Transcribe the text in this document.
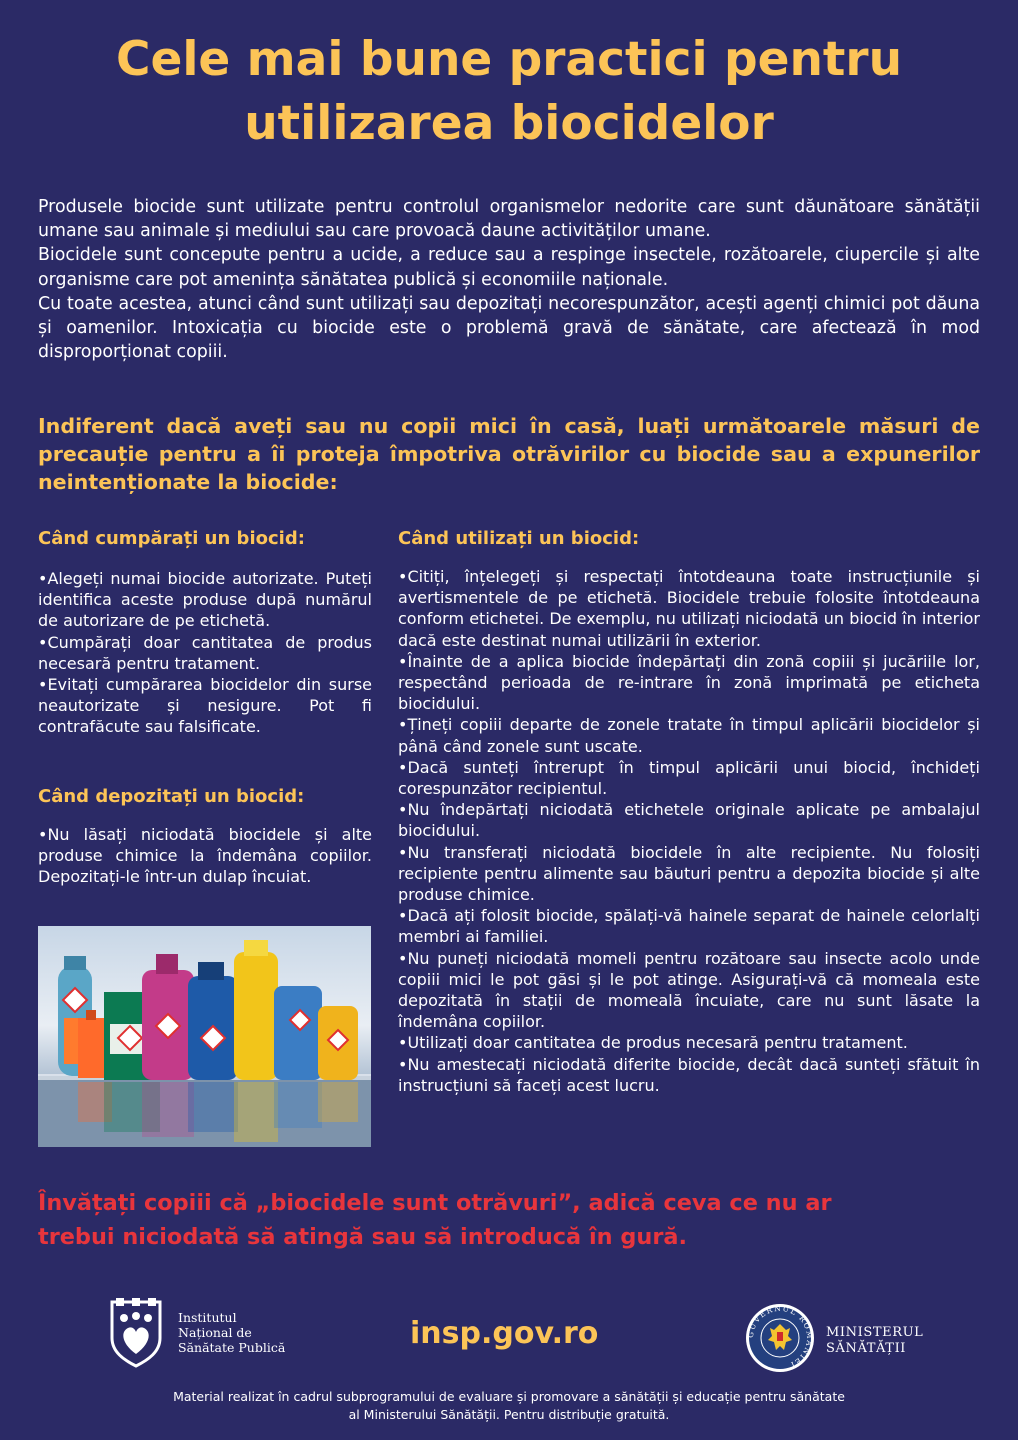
Cele mai bune practici pentru
utilizarea biocidelor

Produsele biocide sunt utilizate pentru controlul organismelor nedorite care sunt dăunătoare sănătății umane sau animale și mediului sau care provoacă daune activităților umane.

Biocidele sunt concepute pentru a ucide, a reduce sau a respinge insectele, rozătoarele, ciupercile și alte organisme care pot amenința sănătatea publică și economiile naționale.

Cu toate acestea, atunci când sunt utilizați sau depozitați necorespunzător, acești agenți chimici pot dăuna și oamenilor. Intoxicația cu biocide este o problemă gravă de sănătate, care afectează în mod disproporționat copiii.

Indiferent dacă aveți sau nu copii mici în casă, luați următoarele măsuri de precauție pentru a îi proteja împotriva otrăvirilor cu biocide sau a expunerilor neintenționate la biocide:

Când cumpărați un biocid:
•Alegeți numai biocide autorizate. Puteți identifica aceste produse după numărul de autorizare de pe etichetă.
•Cumpărați doar cantitatea de produs necesară pentru tratament.
•Evitați cumpărarea biocidelor din surse neautorizate și nesigure. Pot fi contrafăcute sau falsificate.
Când depozitați un biocid:
•Nu lăsați niciodată biocidele și alte produse chimice la îndemâna copiilor. Depozitați-le într-un dulap încuiat.
Când utilizați un biocid:
•Citiți, înțelegeți și respectați întotdeauna toate instrucțiunile și avertismentele de pe etichetă. Biocidele trebuie folosite întotdeauna conform etichetei. De exemplu, nu utilizați niciodată un biocid în interior dacă este destinat numai utilizării în exterior.
•Înainte de a aplica biocide îndepărtați din zonă copiii și jucăriile lor, respectând perioada de re-intrare în zonă imprimată pe eticheta biocidului.
•Țineți copiii departe de zonele tratate în timpul aplicării biocidelor și până când zonele sunt uscate.
•Dacă sunteți întrerupt în timpul aplicării unui biocid, închideți corespunzător recipientul.
•Nu îndepărtați niciodată etichetele originale aplicate pe ambalajul biocidului.
•Nu transferați niciodată biocidele în alte recipiente. Nu folosiți recipiente pentru alimente sau băuturi pentru a depozita biocide și alte produse chimice.
•Dacă ați folosit biocide, spălați-vă hainele separat de hainele celorlalți membri ai familiei.
•Nu puneți niciodată momeli pentru rozătoare sau insecte acolo unde copiii mici le pot găsi și le pot atinge. Asigurați-vă că momeala este depozitată în stații de momeală încuiate, care nu sunt lăsate la îndemâna copiilor.
•Utilizați doar cantitatea de produs necesară pentru tratament.
•Nu amestecați niciodată diferite biocide, decât dacă sunteți sfătuit în instrucțiuni să faceți acest lucru.
Învățați copiii că „biocidele sunt otrăvuri”, adică ceva ce nu ar
trebui niciodată să atingă sau să introducă în gură.
Institutul
Național de
Sănătate Publică	insp.gov.ro	GUVERNUL ROMÂNIEI
MINISTERUL
SĂNĂTĂȚII
Material realizat în cadrul subprogramului de evaluare și promovare a sănătății și educație pentru sănătate
al Ministerului Sănătății. Pentru distribuție gratuită.
